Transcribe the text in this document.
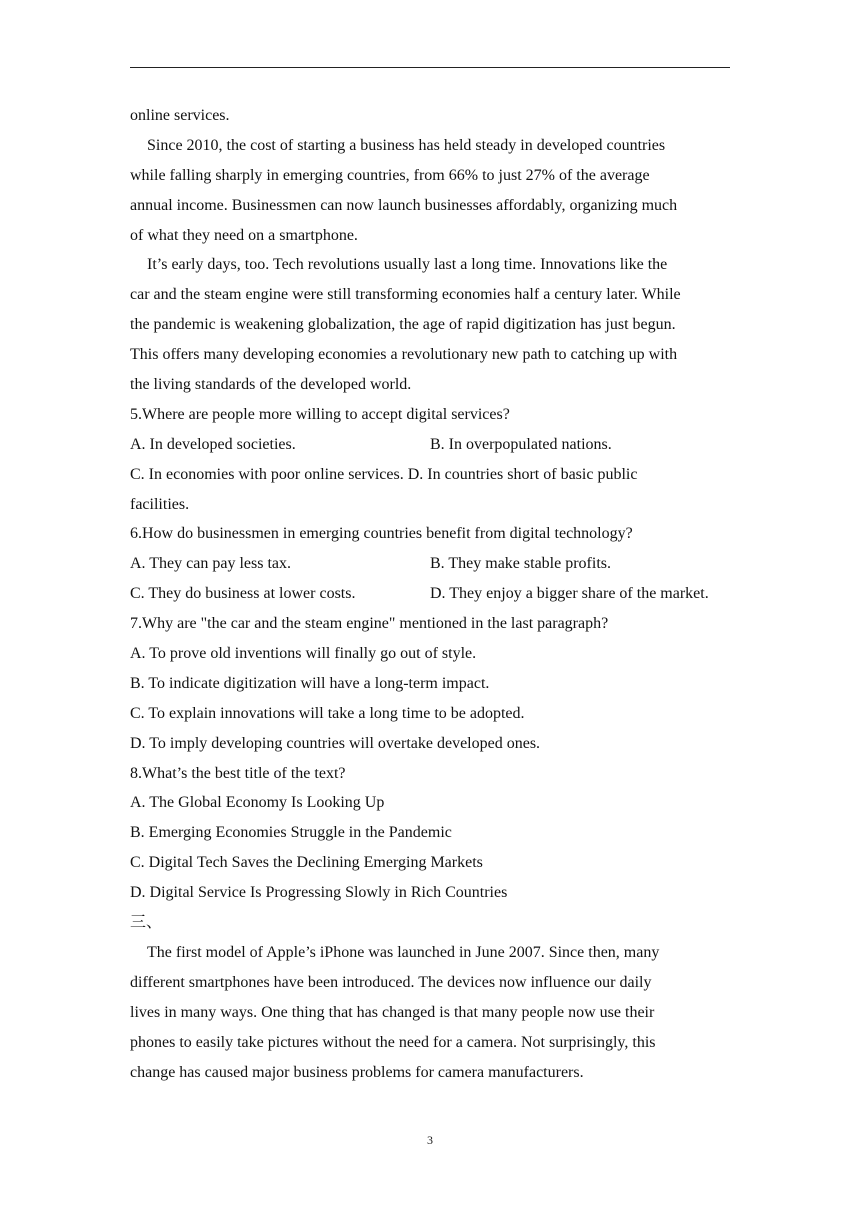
online services.
Since 2010, the cost of starting a business has held steady in developed countries
while falling sharply in emerging countries, from 66% to just 27% of the average
annual income. Businessmen can now launch businesses affordably, organizing much
of what they need on a smartphone.
It’s early days, too. Tech revolutions usually last a long time. Innovations like the
car and the steam engine were still transforming economies half a century later. While
the pandemic is weakening globalization, the age of rapid digitization has just begun.
This offers many developing economies a revolutionary new path to catching up with
the living standards of the developed world.
5.Where are people more willing to accept digital services?
A. In developed societies.	B. In overpopulated nations.
C. In economies with poor online services. D. In countries short of basic public
facilities.
6.How do businessmen in emerging countries benefit from digital technology?
A. They can pay less tax.	B. They make stable profits.
C. They do business at lower costs.	D. They enjoy a bigger share of the market.
7.Why are "the car and the steam engine" mentioned in the last paragraph?
A. To prove old inventions will finally go out of style.
B. To indicate digitization will have a long-term impact.
C. To explain innovations will take a long time to be adopted.
D. To imply developing countries will overtake developed ones.
8.What’s the best title of the text?
A. The Global Economy Is Looking Up
B. Emerging Economies Struggle in the Pandemic
C. Digital Tech Saves the Declining Emerging Markets
D. Digital Service Is Progressing Slowly in Rich Countries
三、
The first model of Apple’s iPhone was launched in June 2007. Since then, many
different smartphones have been introduced. The devices now influence our daily
lives in many ways. One thing that has changed is that many people now use their
phones to easily take pictures without the need for a camera. Not surprisingly, this
change has caused major business problems for camera manufacturers.
3
